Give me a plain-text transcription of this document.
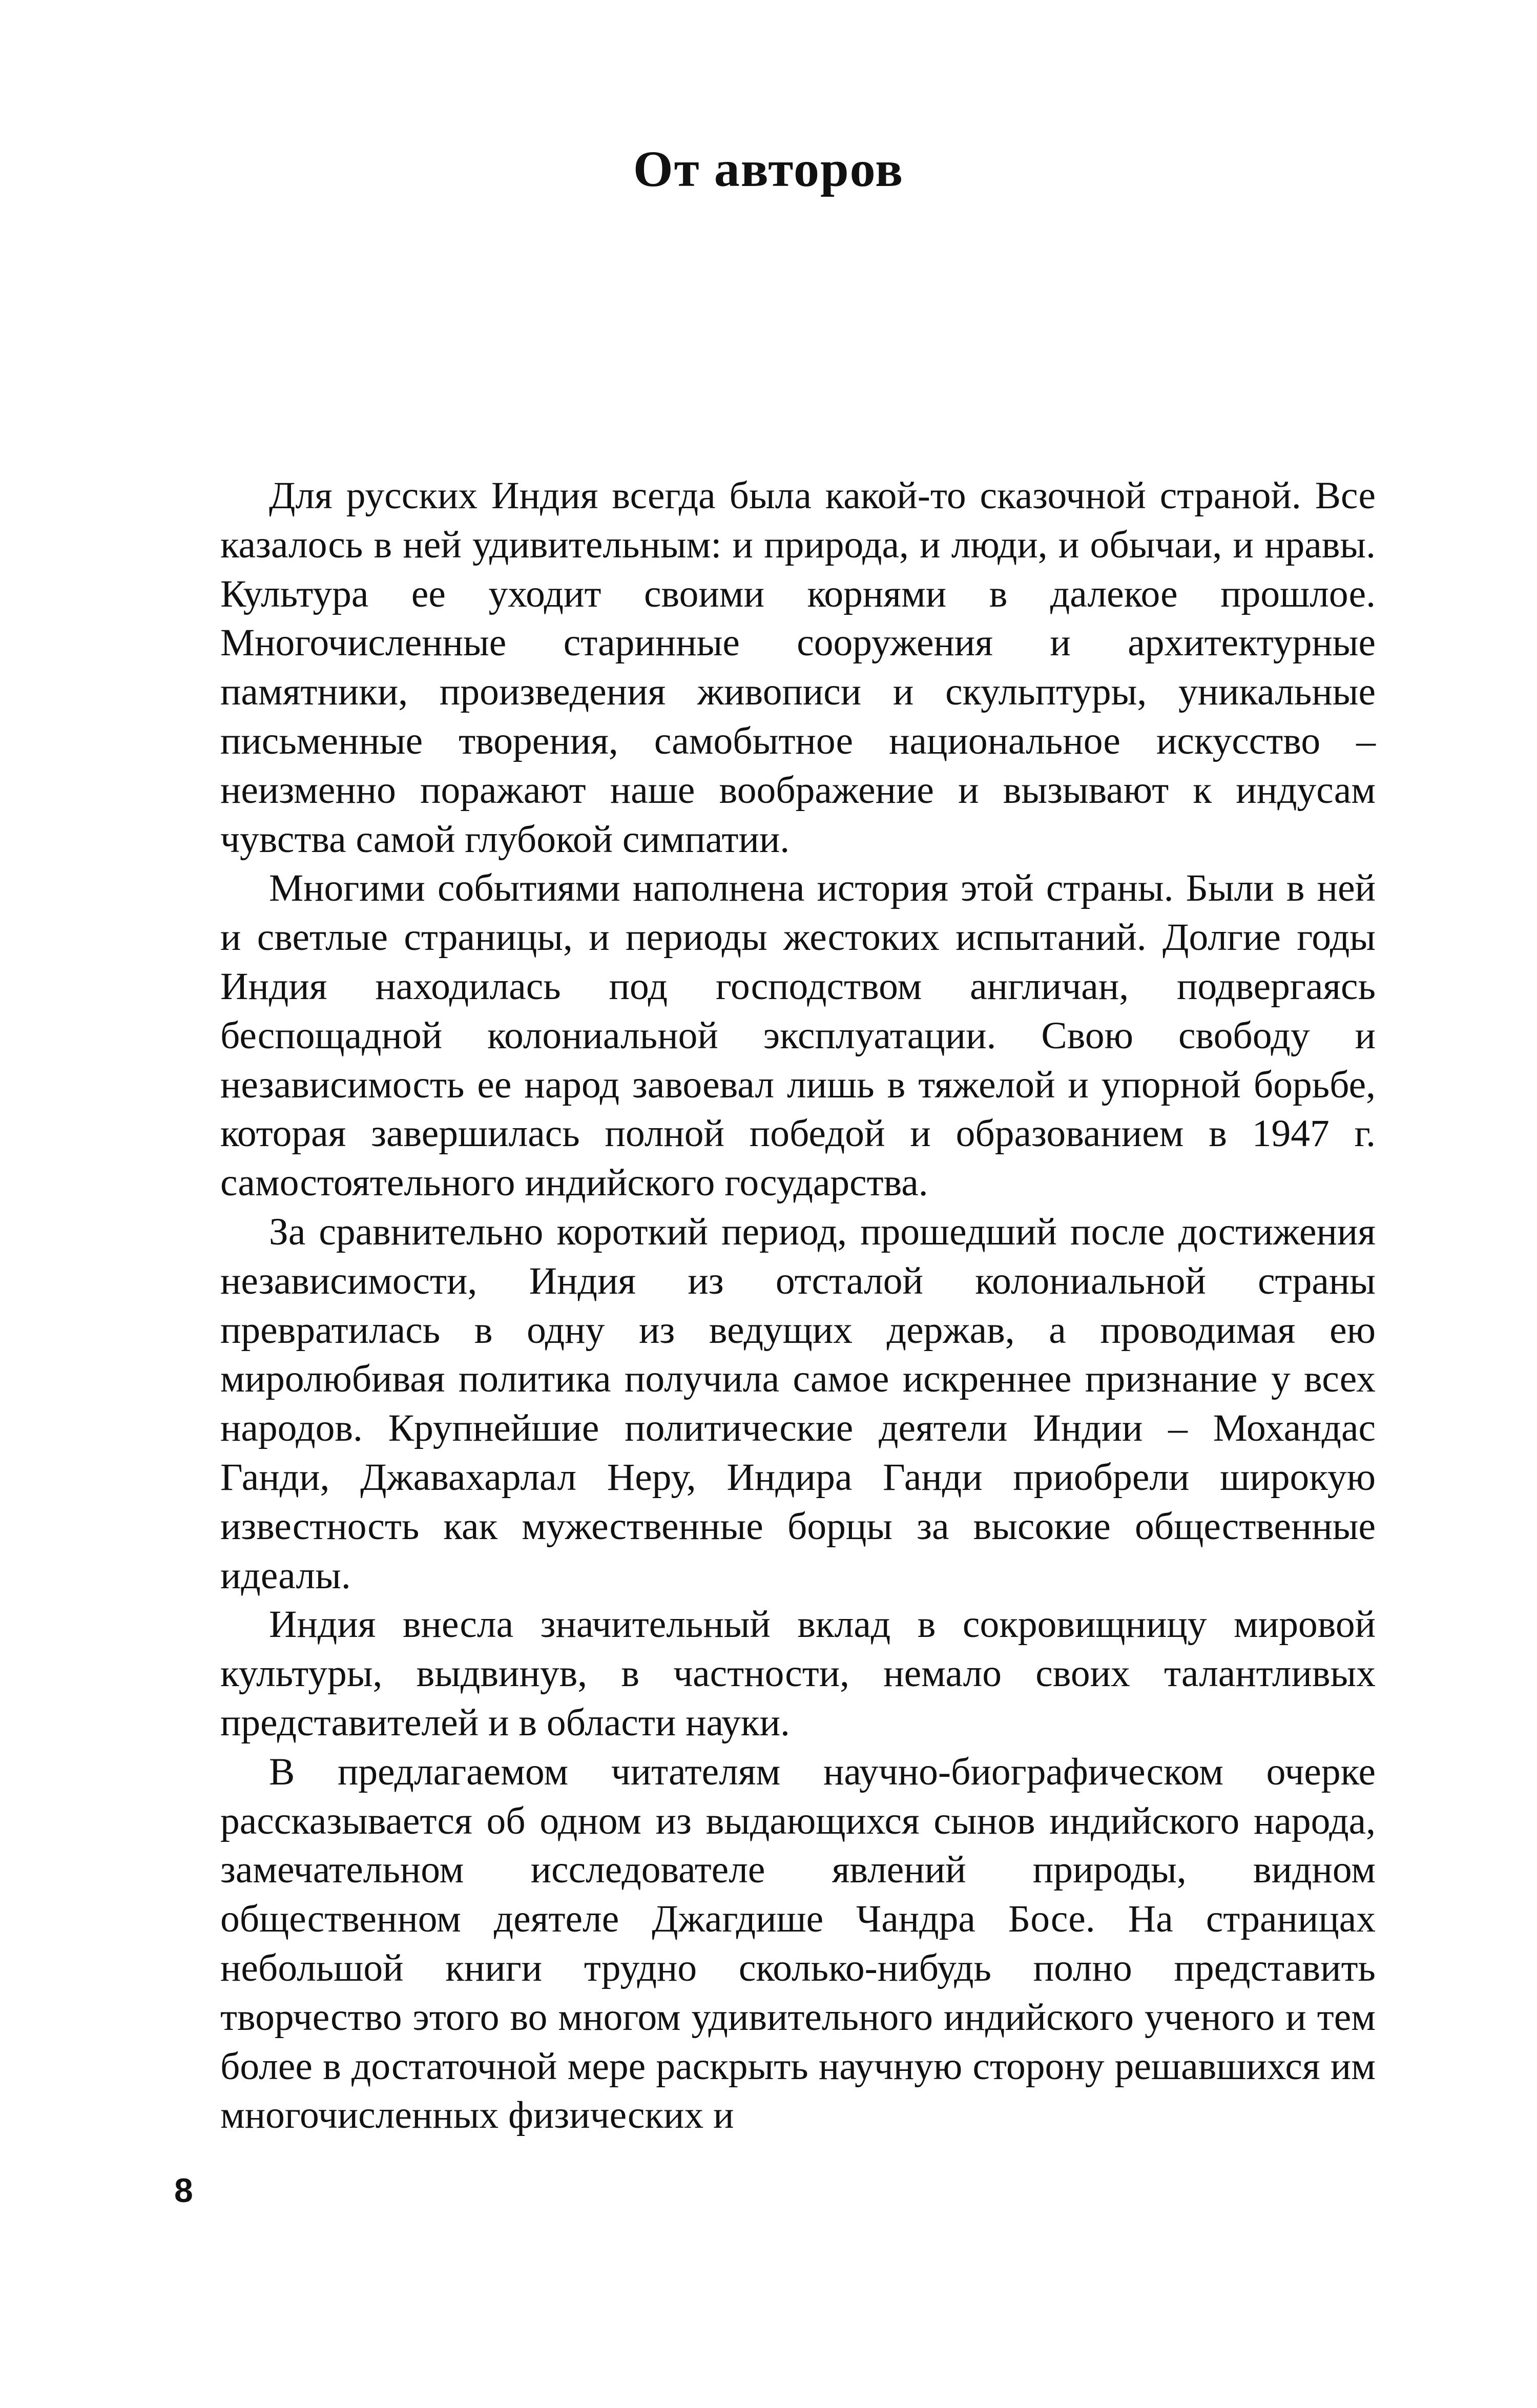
От авторов

Для русских Индия всегда была какой-то сказочной страной. Все казалось в ней удивительным: и природа, и люди, и обычаи, и нравы. Культура ее уходит своими корнями в далекое прошлое. Многочисленные старинные сооружения и архитектурные памятники, произведения живописи и скульптуры, уникальные письменные творения, самобытное национальное искусство – неизменно поражают наше воображение и вызывают к индусам чувства самой глубокой симпатии.

Многими событиями наполнена история этой страны. Были в ней и светлые страницы, и периоды жестоких испытаний. Долгие годы Индия находилась под господством англичан, подвергаясь беспощадной колониальной эксплуатации. Свою свободу и независимость ее народ завоевал лишь в тяжелой и упорной борьбе, которая завершилась полной победой и образованием в 1947 г. самостоятельного индийского государства.

За сравнительно короткий период, прошедший после достижения независимости, Индия из отсталой колониальной страны превратилась в одну из ведущих держав, а проводимая ею миролюбивая политика получила самое искреннее признание у всех народов. Крупнейшие политические деятели Индии – Мохандас Ганди, Джавахарлал Неру, Индира Ганди приобрели широкую известность как мужественные борцы за высокие общественные идеалы.

Индия внесла значительный вклад в сокровищницу мировой культуры, выдвинув, в частности, немало своих талантливых представителей и в области науки.

В предлагаемом читателям научно-биографическом очерке рассказывается об одном из выдающихся сынов индийского народа, замечательном исследователе явлений природы, видном общественном деятеле Джагдише Чандра Босе. На страницах небольшой книги трудно сколько-нибудь полно представить творчество этого во многом удивительного индийского ученого и тем более в достаточной мере раскрыть научную сторону решавшихся им многочисленных физических и

8
